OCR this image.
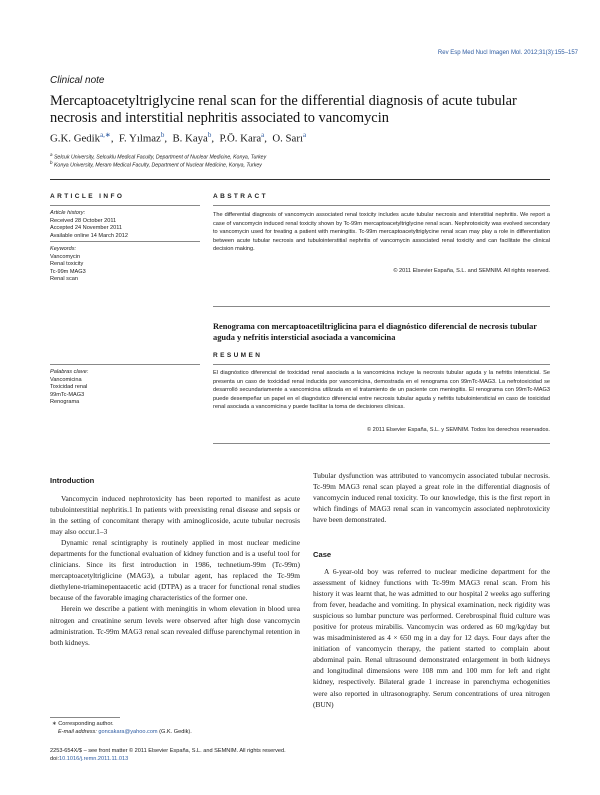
Rev Esp Med Nucl Imagen Mol. 2012;31(3):155–157
Clinical note
Mercaptoacetyltriglycine renal scan for the differential diagnosis of acute tubular necrosis and interstitial nephritis associated to vancomycin
G.K. Gedik$^{a,∗}$,  F. Yılmaz$^b$,  B. Kaya$^b$,  P.Ö. Kara$^a$,  O. Sarı$^a$
$^a$ Selcuk University, Selcuklu Medical Faculty, Department of Nuclear Medicine, Konya, Turkey
$^b$ Konya University, Meram Medical Faculty, Department of Nuclear Medicine, Konya, Turkey
ARTICLE INFO	ABSTRACT
Article history:
Received 28 October 2011
Accepted 24 November 2011
Available online 14 March 2012
Keywords:
Vancomycin
Renal toxicity
Tc-99m MAG3
Renal scan
The differential diagnosis of vancomycin associated renal toxicity includes acute tubular necrosis and interstitial nephritis. We report a case of vancomycin induced renal toxicity shown by Tc-99m mercaptoacetyltriglycine renal scan. Nephrotoxicity was evolved secondary to vancomycin used for treating a patient with meningitis. Tc-99m mercaptoacetyltriglycine renal scan may play a role in differentiation between acute tubular necrosis and tubulointerstitial nephritis of vancomycin associated renal toxicity and can facilitate the clinical decision making.
© 2011 Elsevier España, S.L. and SEMNIM. All rights reserved.
Renograma con mercaptoacetiltriglicina para el diagnóstico diferencial de necrosis tubular aguda y nefritis intersticial asociada a vancomicina
RESUMEN
Palabras clave:
Vancomicina
Toxicidad renal
99mTc-MAG3
Renograma
El diagnóstico diferencial de toxicidad renal asociada a la vancomicina incluye la necrosis tubular aguda y la nefritis intersticial. Se presenta un caso de toxicidad renal inducida por vancomicina, demostrada en el renograma con 99mTc-MAG3. La nefrotoxicidad se desarrolló secundariamente a vancomicina utilizada en el tratamiento de un paciente con meningitis. El renograma con 99mTc-MAG3 puede desempeñar un papel en el diagnóstico diferencial entre necrosis tubular aguda y nefritis tubulointersticial en caso de toxicidad renal asociada a vancomicina y puede facilitar la toma de decisiones clínicas.
© 2011 Elsevier España, S.L. y SEMNIM. Todos los derechos reservados.
Introduction

Vancomycin induced nephrotoxicity has been reported to manifest as acute tubulointerstitial nephritis.1 In patients with preexisting renal disease and sepsis or in the setting of concomitant therapy with aminoglicoside, acute tubular necrosis may also occur.1–3

Dynamic renal scintigraphy is routinely applied in most nuclear medicine departments for the functional evaluation of kidney function and is a useful tool for clinicians. Since its first introduction in 1986, technetium-99m (Tc-99m) mercaptoacetyltriglicine (MAG3), a tubular agent, has replaced the Tc-99m diethylene-triaminepentaacetic acid (DTPA) as a tracer for functional renal studies because of the favorable imaging characteristics of the former one.

Herein we describe a patient with meningitis in whom elevation in blood urea nitrogen and creatinine serum levels were observed after high dose vancomycin administration. Tc-99m MAG3 renal scan revealed diffuse parenchymal retention in both kidneys.

Tubular dysfunction was attributed to vancomycin associated tubular necrosis. Tc-99m MAG3 renal scan played a great role in the differential diagnosis of vancomycin induced renal toxicity. To our knowledge, this is the first report in which findings of MAG3 renal scan in vancomycin associated nephrotoxicity have been demonstrated.

Case

A 6-year-old boy was referred to nuclear medicine department for the assessment of kidney functions with Tc-99m MAG3 renal scan. From his history it was learnt that, he was admitted to our hospital 2 weeks ago suffering from fever, headache and vomiting. In physical examination, neck rigidity was suspicious so lumbar puncture was performed. Cerebrospinal fluid culture was positive for proteus mirabilis. Vancomycin was ordered as 60 mg/kg/day but was misadministered as 4 × 650 mg in a day for 12 days. Four days after the initiation of vancomycin therapy, the patient started to complain about abdominal pain. Renal ultrasound demonstrated enlargement in both kidneys and longitudinal dimensions were 108 mm and 100 mm for left and right kidney, respectively. Bilateral grade 1 increase in parenchyma echogenities were also reported in ultrasonography. Serum concentrations of urea nitrogen (BUN)

∗ Corresponding author.
E-mail address: goncakara@yahoo.com (G.K. Gedik).
2253-654X/$ – see front matter © 2011 Elsevier España, S.L. and SEMNIM. All rights reserved.
doi:10.1016/j.remn.2011.11.013
